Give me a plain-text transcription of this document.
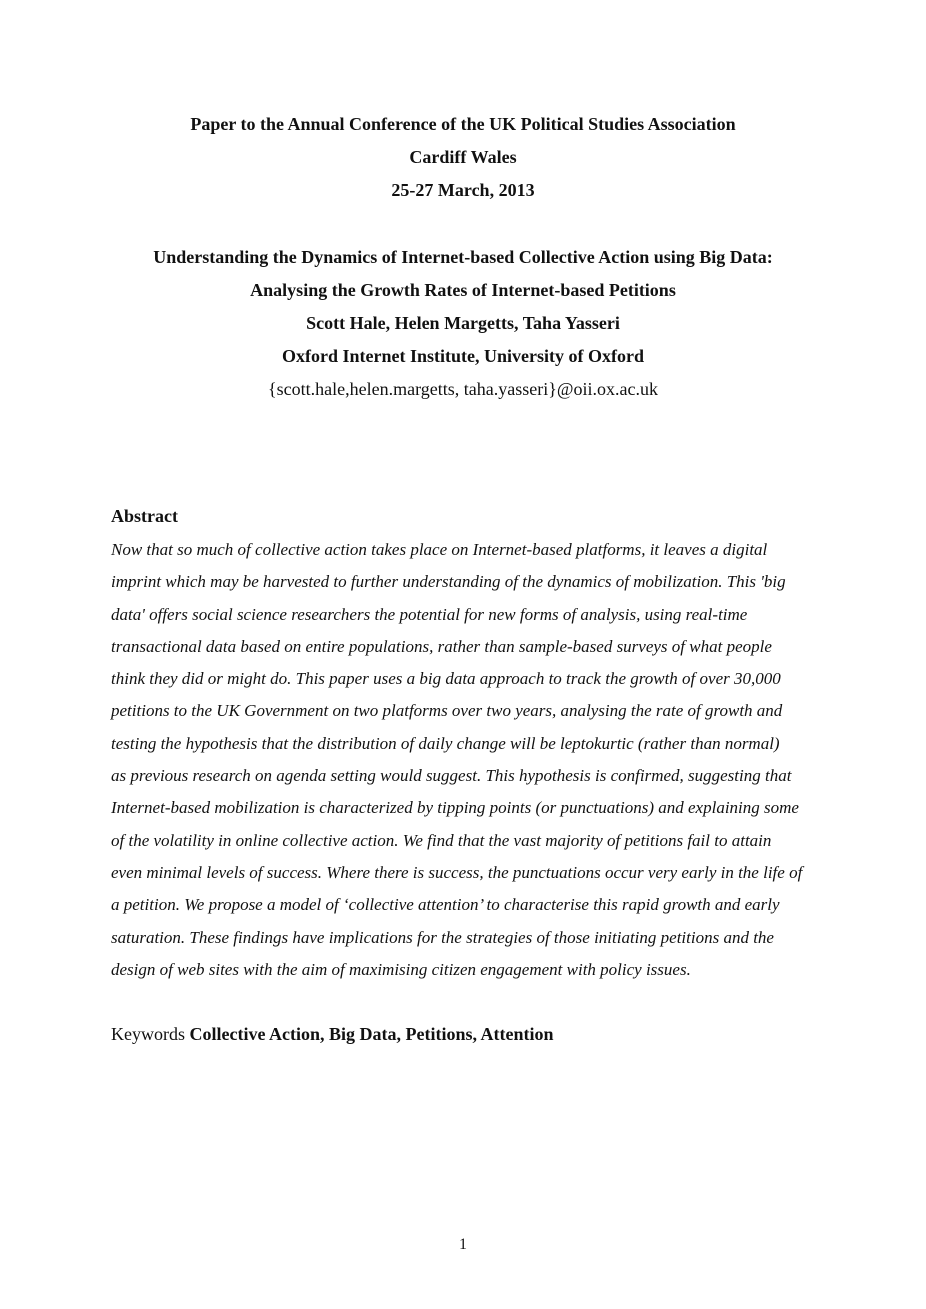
Paper to the Annual Conference of the UK Political Studies Association
Cardiff Wales
25-27 March, 2013
Understanding the Dynamics of Internet-based Collective Action using Big Data:
Analysing the Growth Rates of Internet-based Petitions
Scott Hale, Helen Margetts, Taha Yasseri
Oxford Internet Institute, University of Oxford
{scott.hale,helen.margetts, taha.yasseri}@oii.ox.ac.uk
Abstract
Now that so much of collective action takes place on Internet-based platforms, it leaves a digital
imprint which may be harvested to further understanding of the dynamics of mobilization. This 'big
data' offers social science researchers the potential for new forms of analysis, using real-time
transactional data based on entire populations, rather than sample-based surveys of what people
think they did or might do. This paper uses a big data approach to track the growth of over 30,000
petitions to the UK Government on two platforms over two years, analysing the rate of growth and
testing the hypothesis that the distribution of daily change will be leptokurtic (rather than normal)
as previous research on agenda setting would suggest. This hypothesis is confirmed, suggesting that
Internet-based mobilization is characterized by tipping points (or punctuations) and explaining some
of the volatility in online collective action. We find that the vast majority of petitions fail to attain
even minimal levels of success. Where there is success, the punctuations occur very early in the life of
a petition. We propose a model of ‘collective attention’ to characterise this rapid growth and early
saturation. These findings have implications for the strategies of those initiating petitions and the
design of web sites with the aim of maximising citizen engagement with policy issues.
Keywords Collective Action, Big Data, Petitions, Attention
1
